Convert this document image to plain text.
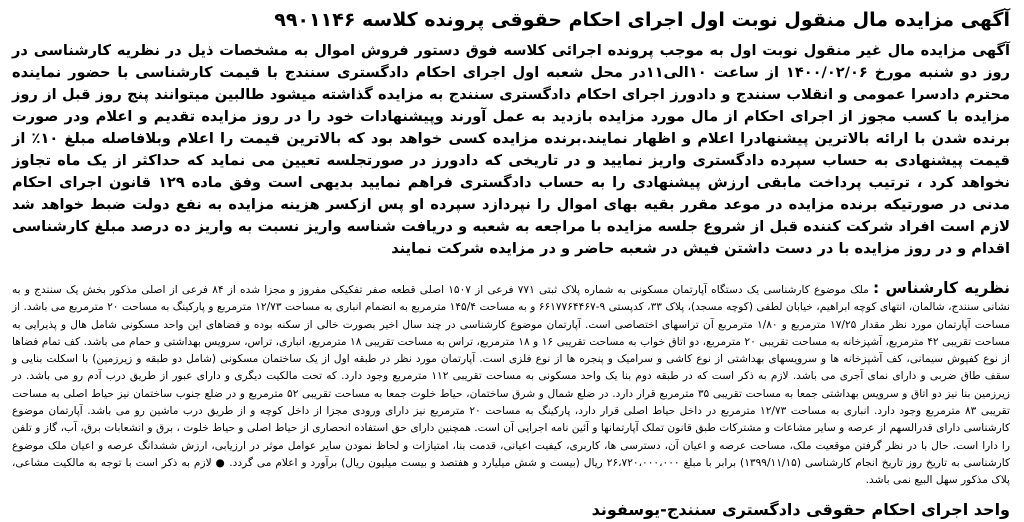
آگهی مزایده مال منقول نوبت اول اجرای احکام حقوقی پرونده کلاسه ۹۹۰۱۱۴۶

آگهی مزایده مال غیر منقول نوبت اول به موجب پرونده اجرائی کلاسه فوق دستور فروش اموال به مشخصات ذیل در نظریه کارشناسی در روز دو شنبه مورخ ۱۴۰۰/۰۲/۰۶ از ساعت ۱۰الی۱۱در محل شعبه اول اجرای احکام دادگستری سنندج با قیمت کارشناسی با حضور نماینده محترم دادسرا عمومی و انقلاب سنندج و دادورز اجرای احکام دادگستری سنندج به مزایده گذاشته میشود طالبین میتوانند پنج روز قبل از روز مزایده با کسب مجوز از اجرای احکام از مال مورد مزایده بازدید به عمل آورند وپیشنهادات خود را در روز مزایده تقدیم و اعلام ودر صورت برنده شدن با ارائه بالاترین پیشنهادرا اعلام و اظهار نمایند.برنده مزایده کسی خواهد بود که بالاترین قیمت را اعلام وبلافاصله مبلغ ۱۰٪ از قیمت پیشنهادی به حساب سپرده دادگستری واریز نمایید و در تاریخی که دادورز در صورتجلسه تعیین می نماید که حداکثر از یک ماه تجاوز نخواهد کرد ، ترتیب پرداخت مابقی ارزش پیشنهادی را به حساب دادگستری فراهم نمایید بدیهی است وفق ماده ۱۲۹ قانون اجرای احکام مدنی در صورتیکه برنده مزایده در موعد مقرر بقیه بهای اموال را نپردازد سپرده او پس ازکسر هزینه مزایده به نفع دولت ضبط خواهد شد لازم است افراد شرکت کننده قبل از شروع جلسه مزایده با مراجعه به شعبه و دریافت شناسه واریز نسبت به واریز ده درصد مبلغ کارشناسی اقدام و در روز مزایده با در دست داشتن فیش در شعبه حاضر و در مزایده شرکت نمایند

نظریه کارشناس : ملک موضوع کارشناسی یک دستگاه آپارتمان مسکونی به شماره پلاک ثبتی ۷۷۱ فرعی از ۱۵۰۷ اصلی قطعه صفر تفکیکی مفروز و مجزا شده از ۸۴ فرعی از اصلی مذکور بخش یک سنندج و به نشانی سنندج، شالمان، انتهای کوچه ابراهیم، خیابان لطفی (کوچه مسجد)، پلاک ۳۳، کدپستی ۹-۶۶۱۷۷۶۴۴۶۷ و به مساحت ۱۴۵/۴ مترمربع به انضمام انباری به مساحت ۱۲/۷۳ مترمربع و پارکینگ به مساحت ۲۰ مترمربع می باشد. از مساحت آپارتمان مورد نظر مقدار ۱۷/۲۵ مترمربع و ۱/۸۰ مترمربع آن تراسهای اختصاصی است. آپارتمان موضوع کارشناسی در چند سال اخیر بصورت خالی از سکنه بوده و فضاهای این واحد مسکونی شامل هال و پذیرایی به مساحت تقریبی ۴۲ مترمربع، آشپزخانه به مساحت تقریبی ۲۰ مترمربع، دو اتاق خواب به مساحت تقریبی ۱۶ و ۱۸ مترمربع، تراس به مساحت تقریبی ۱۸ مترمربع، انباری، تراس، سرویس بهداشتی و حمام می باشد. کف تمام فضاها از نوع کفپوش سیمانی، کف آشپزخانه ها و سرویسهای بهداشتی از نوع کاشی و سرامیک و پنجره ها از نوع فلزی است. آپارتمان مورد نظر در طبقه اول از یک ساختمان مسکونی (شامل دو طبقه و زیرزمین) با اسکلت بنایی و سقف طاق ضربی و دارای نمای آجری می باشد. لازم به ذکر است که در طبقه دوم بنا یک واحد مسکونی به مساحت تقریبی ۱۱۲ مترمربع وجود دارد. که تحت مالکیت دیگری و دارای عبور از طریق درب آدم رو می باشد. در زیرزمین بنا نیز دو اتاق و سرویس بهداشتی جمعا به مساحت تقریبی ۳۵ مترمربع قرار دارد. در ضلع شمال و شرق ساختمان، حیاط خلوت جمعا به مساحت تقریبی ۵۲ مترمربع و در ضلع جنوب ساختمان نیز حیاط اصلی به مساحت تقریبی ۸۳ مترمربع وجود دارد. انباری به مساحت ۱۲/۷۳ مترمربع در داخل حیاط اصلی قرار دارد، پارکینگ به مساحت ۲۰ مترمربع نیز دارای ورودی مجزا از داخل کوچه و از طریق درب ماشین رو می باشد. آپارتمان موضوع کارشناسی دارای قدرالسهم از عرصه و سایر مشاعات و مشترکات طبق قانون تملک آپارتمانها و آئین نامه اجرایی آن است. همچنین دارای حق استفاده انحصاری از حیاط اصلی و حیاط خلوت ، برق و انشعابات برق، آب، گاز و تلفن را دارا است. حال با در نظر گرفتن موقعیت ملک، مساحت عرصه و اعیان آن، دسترسی ها، کاربری، کیفیت اعیانی، قدمت بنا، امتیازات و لحاظ نمودن سایر عوامل موثر در ارزیابی، ارزش ششدانگ عرصه و اعیان ملک موضوع کارشناسی به تاریخ روز تاریخ انجام کارشناسی (۱۳۹۹/۱۱/۱۵) برابر با مبلغ ۲۶،۷۲۰،۰۰۰،۰۰۰ ریال (بیست و شش میلیارد و هفتصد و بیست میلیون ریال) برآورد و اعلام می گردد. ● لازم به ذکر است با توجه به مالکیت مشاعی، پلاک مذکور سهل البیع نمی باشد.
واحد اجرای احکام حقوقی دادگستری سنندج-یوسفوند
